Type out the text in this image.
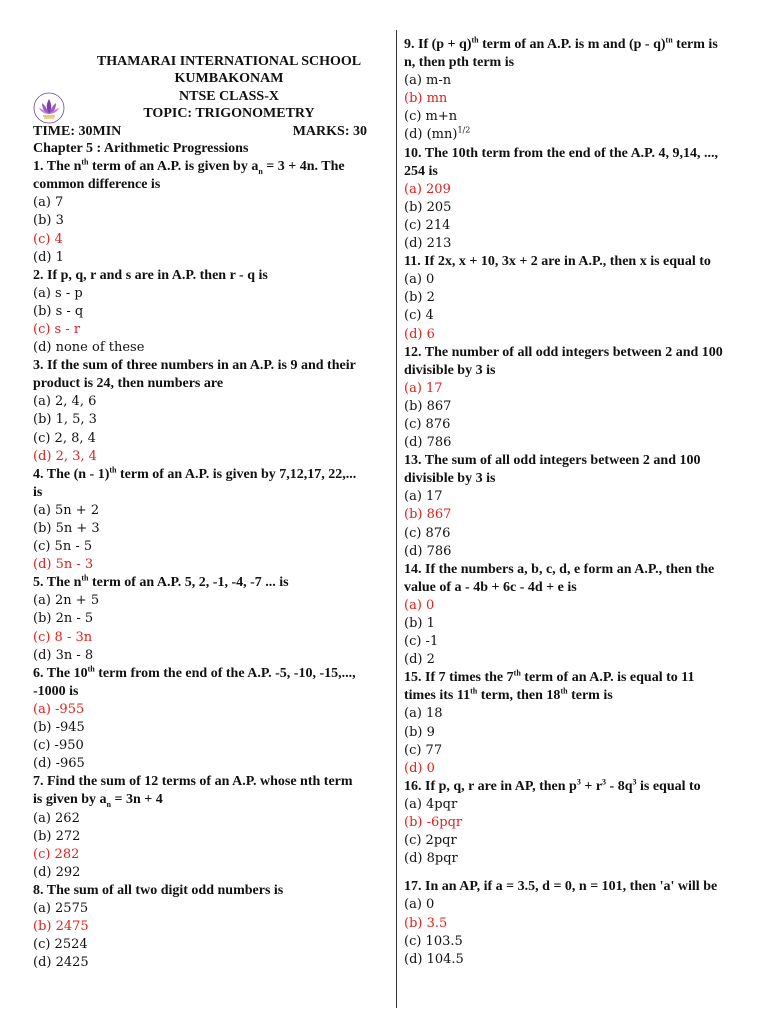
THAMARAI INTERNATIONAL SCHOOL
KUMBAKONAM
NTSE CLASS-X
TOPIC: TRIGONOMETRY
TIME: 30MIN	MARKS: 30
Chapter 5 : Arithmetic Progressions
1. The $n^{th}$ term of an A.P. is given by $a_n = 3 + 4n$. The
common difference is
(a) 7
(b) 3
(c) 4
(d) 1
2. If p, q, r and s are in A.P. then r - q is
(a) s - p
(b) s - q
(c) s - r
(d) none of these
3. If the sum of three numbers in an A.P. is 9 and their
product is 24, then numbers are
(a) 2, 4, 6
(b) 1, 5, 3
(c) 2, 8, 4
(d) 2, 3, 4
4. The (n - 1)$^{th}$ term of an A.P. is given by 7,12,17, 22,...
is
(a) 5n + 2
(b) 5n + 3
(c) 5n - 5
(d) 5n - 3
5. The $n^{th}$ term of an A.P. 5, 2, -1, -4, -7 ... is
(a) 2n + 5
(b) 2n - 5
(c) 8 - 3n
(d) 3n - 8
6. The 10th term from the end of the A.P. -5, -10, -15,...,
-1000 is
(a) -955
(b) -945
(c) -950
(d) -965
7. Find the sum of 12 terms of an A.P. whose nth term
is given by $a_n = 3n + 4$
(a) 262
(b) 272
(c) 282
(d) 292
8. The sum of all two digit odd numbers is
(a) 2575
(b) 2475
(c) 2524
(d) 2425
9. If $(p + q)^{th}$ term of an A.P. is m and (p - q)$^{tn}$ term is
n, then pth term is
(a) m-n
(b) mn
(c) m+n
(d) (mn)$^{1/2}$
10. The 10th term from the end of the A.P. 4, 9,14, ...,
254 is
(a) 209
(b) 205
(c) 214
(d) 213
11. If 2x, x + 10, 3x + 2 are in A.P., then x is equal to
(a) 0
(b) 2
(c) 4
(d) 6
12. The number of all odd integers between 2 and 100
divisible by 3 is
(a) 17
(b) 867
(c) 876
(d) 786
13. The sum of all odd integers between 2 and 100
divisible by 3 is
(a) 17
(b) 867
(c) 876
(d) 786
14. If the numbers a, b, c, d, e form an A.P., then the
value of a - 4b + 6c - 4d + e is
(a) 0
(b) 1
(c) -1
(d) 2
15. If 7 times the 7th term of an A.P. is equal to 11
times its 11th term, then 18th term is
(a) 18
(b) 9
(c) 77
(d) 0
16. If p, q, r are in AP, then $p^3 + r^3 - 8q^3$ is equal to
(a) 4pqr
(b) -6pqr
(c) 2pqr
(d) 8pqr
17. In an AP, if a = 3.5, d = 0, n = 101, then 'a' will be
(a) 0
(b) 3.5
(c) 103.5
(d) 104.5
